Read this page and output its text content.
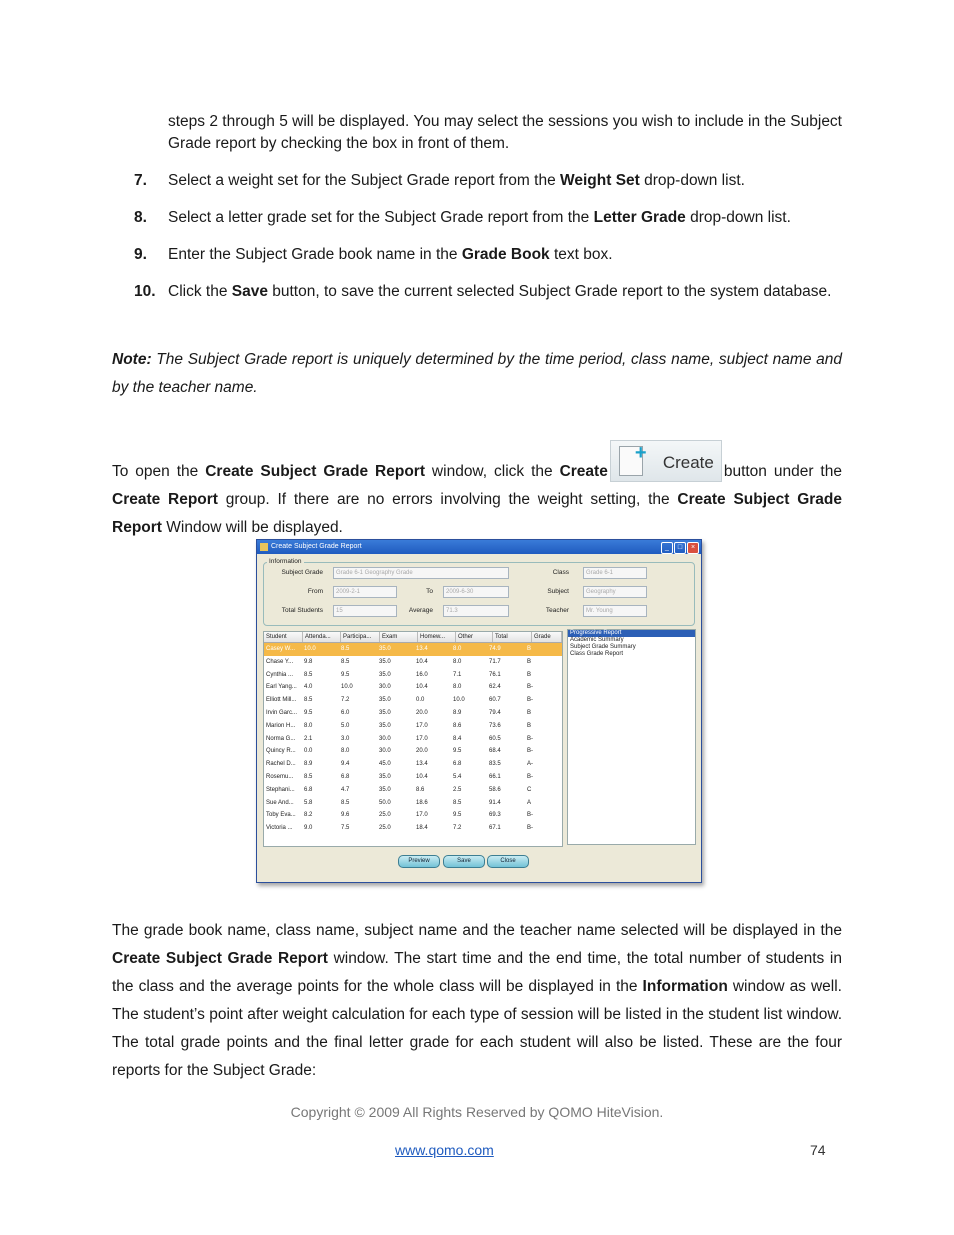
steps 2 through 5 will be displayed. You may select the sessions you wish to include in the Subject Grade report by checking the box in front of them.
7. Select a weight set for the Subject Grade report from the Weight Set drop-down list.
8. Select a letter grade set for the Subject Grade report from the Letter Grade drop-down list.
9. Enter the Subject Grade book name in the Grade Book text box.
10. Click the Save button, to save the current selected Subject Grade report to the system database.
Note: The Subject Grade report is uniquely determined by the time period, class name, subject name and by the teacher name.
To open the Create Subject Grade Report window, click the Create
+ Create button under the Create Report group. If there are no errors involving the weight setting, the Create Subject Grade Report Window will be displayed.
Create Subject Grade Report	_	□	×
Information
Subject Grade	Grade 6-1 Geography Grade	Class	Grade 6-1
From	2009-2-1	To	2009-6-30	Subject	Geography
Total Students	15	Average	71.3	Teacher	Mr. Young
Student	Attenda...	Participa...	Exam	Homew...	Other	Total	Grade
Casey W...	10.0	8.5	35.0	13.4	8.0	74.9	B
Chase Y...	9.8	8.5	35.0	10.4	8.0	71.7	B
Cynthia ...	8.5	9.5	35.0	16.0	7.1	76.1	B
Earl Yang...	4.0	10.0	30.0	10.4	8.0	62.4	B-
Elliott Mill...	8.5	7.2	35.0	0.0	10.0	60.7	B-
Irvin Garc...	9.5	6.0	35.0	20.0	8.9	79.4	B
Marion H...	8.0	5.0	35.0	17.0	8.6	73.6	B
Norma G...	2.1	3.0	30.0	17.0	8.4	60.5	B-
Quincy R...	0.0	8.0	30.0	20.0	9.5	68.4	B-
Rachel D...	8.9	9.4	45.0	13.4	6.8	83.5	A-
Rosemu...	8.5	6.8	35.0	10.4	5.4	66.1	B-
Stephani...	6.8	4.7	35.0	8.6	2.5	58.6	C
Sue And...	5.8	8.5	50.0	18.6	8.5	91.4	A
Toby Eva...	8.2	9.6	25.0	17.0	9.5	69.3	B-
Victoria ...	9.0	7.5	25.0	18.4	7.2	67.1	B-
Progressive Report
Academic Summary
Subject Grade Summary
Class Grade Report
Preview	Save	Close
The grade book name, class name, subject name and the teacher name selected will be displayed in the Create Subject Grade Report window. The start time and the end time, the total number of students in the class and the average points for the whole class will be displayed in the Information window as well. The student’s point after weight calculation for each type of session will be listed in the student list window. The total grade points and the final letter grade for each student will also be listed. These are the four reports for the Subject Grade:
Copyright © 2009 All Rights Reserved by QOMO HiteVision.
www.qomo.com	74
